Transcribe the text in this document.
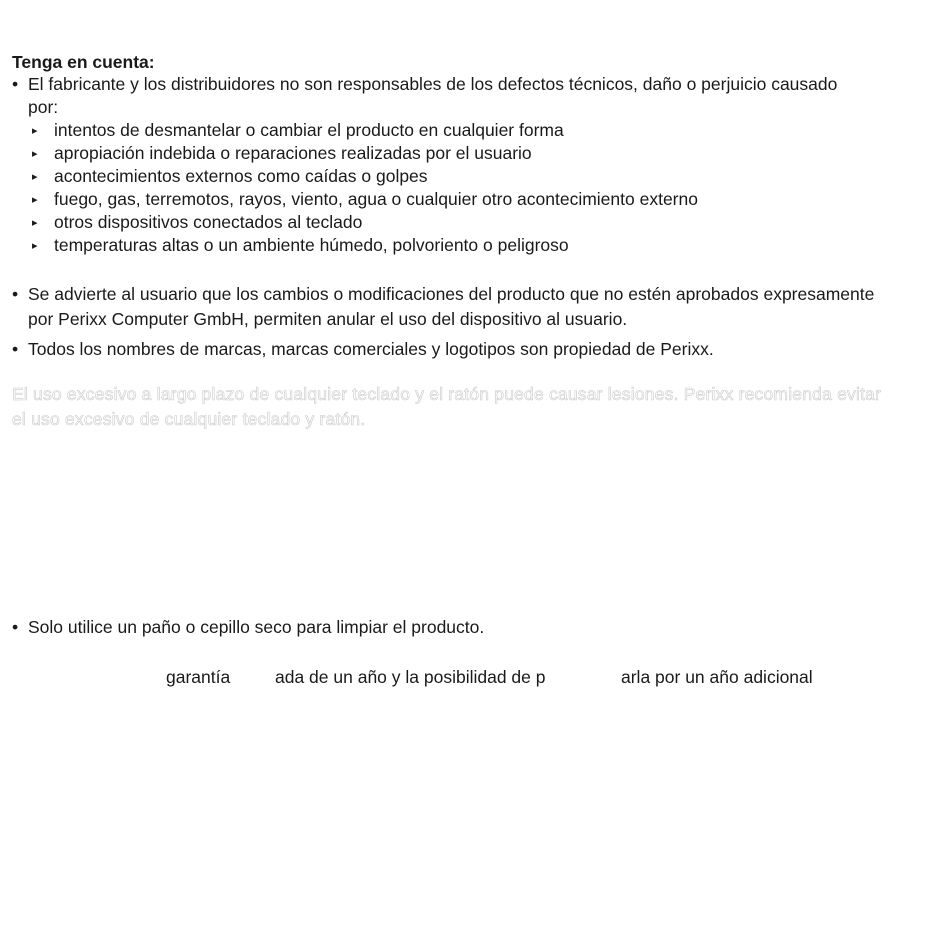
Tenga en cuenta:
• El fabricante y los distribuidores no son responsables de los defectos técnicos, daño o perjuicio causado
por:
▸ intentos de desmantelar o cambiar el producto en cualquier forma
▸ apropiación indebida o reparaciones realizadas por el usuario
▸ acontecimientos externos como caídas o golpes
▸ fuego, gas, terremotos, rayos, viento, agua o cualquier otro acontecimiento externo
▸ otros dispositivos conectados al teclado
▸ temperaturas altas o un ambiente húmedo, polvoriento o peligroso
• Se advierte al usuario que los cambios o modificaciones del producto que no estén aprobados expresamente
por Perixx Computer GmbH, permiten anular el uso del dispositivo al usuario.
• Todos los nombres de marcas, marcas comerciales y logotipos son propiedad de Perixx.
El uso excesivo a largo plazo de cualquier teclado y el ratón puede causar lesiones. Perixx recomienda evitar
el uso excesivo de cualquier teclado y ratón.
• Solo utilice un paño o cepillo seco para limpiar el producto.
garantía	ada de un año y la posibilidad de p	arla por un año adicional
